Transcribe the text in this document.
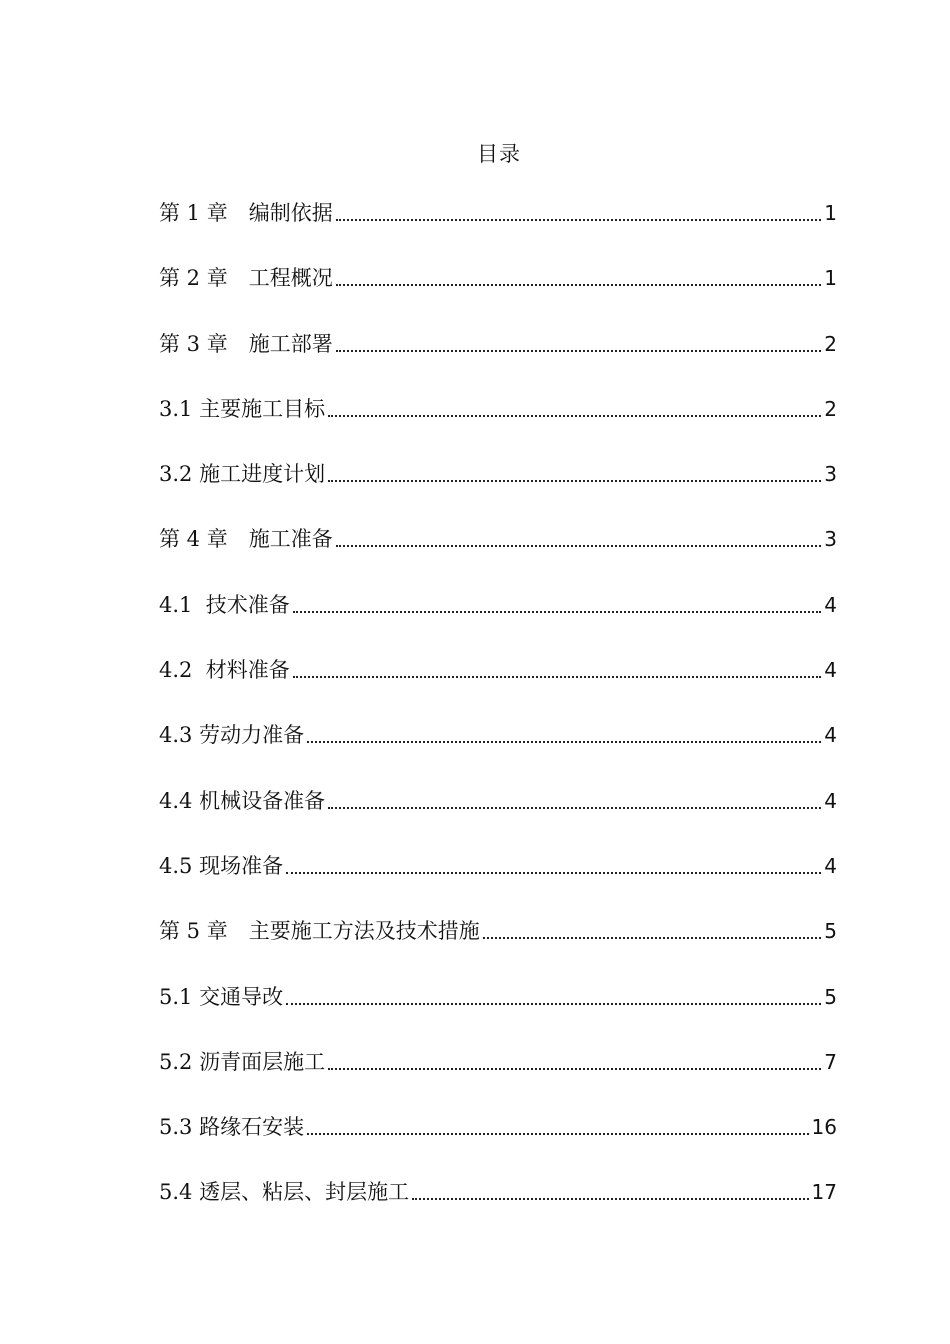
目录
第 1 章　编制依据	1
第 2 章　工程概况	1
第 3 章　施工部署	2
3.1 主要施工目标	2
3.2 施工进度计划	3
第 4 章　施工准备	3
4.1  技术准备	4
4.2  材料准备	4
4.3 劳动力准备	4
4.4 机械设备准备	4
4.5 现场准备	4
第 5 章　主要施工方法及技术措施	5
5.1 交通导改	5
5.2 沥青面层施工	7
5.3 路缘石安装	16
5.4 透层、粘层、封层施工	17
